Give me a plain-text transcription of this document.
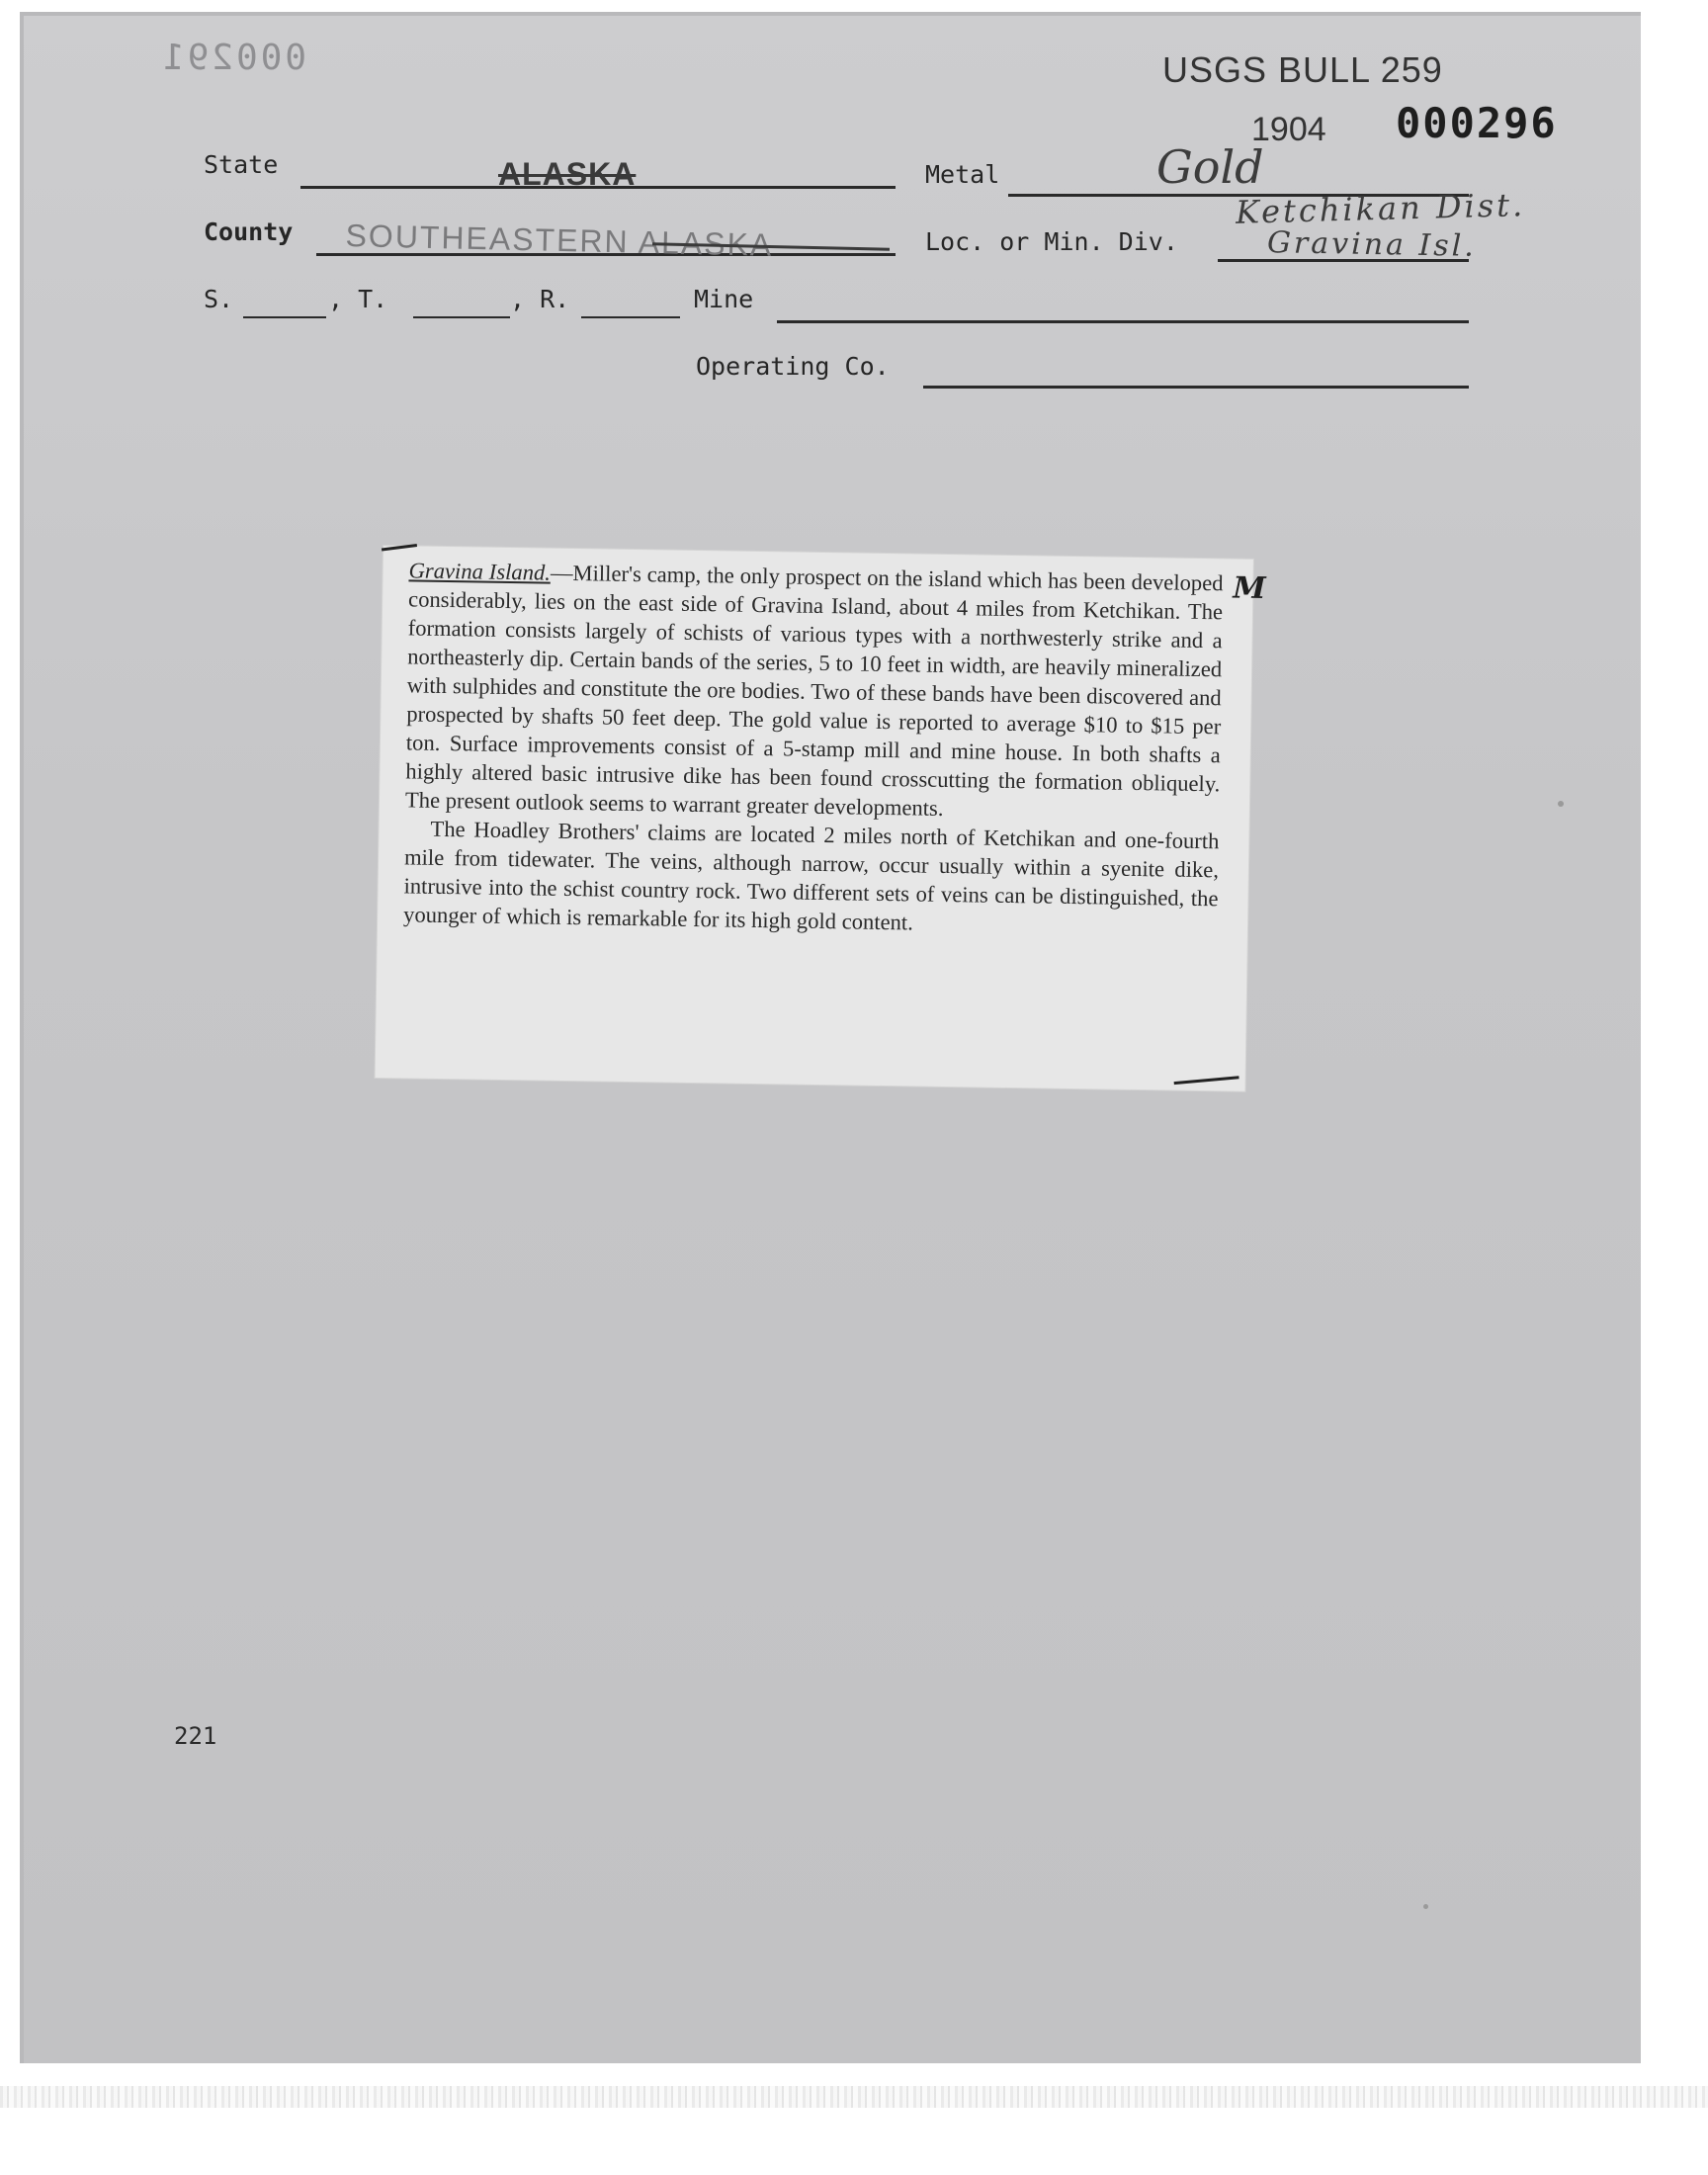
000291	USGS BULL 259
1904 000296
State	ALASKA	Metal	Gold
County SOUTHEASTERN ALASKA	Loc. or Min. Div.
Ketchikan Dist.
Gravina Isl.
S.	, T.	, R.	Mine
Operating Co.
221

Gravina Island.—Miller's camp, the only prospect on the island which has been developed considerably, lies on the east side of Gravina Island, about 4 miles from Ketchikan. The formation consists largely of schists of various types with a northwesterly strike and a northeasterly dip. Certain bands of the series, 5 to 10 feet in width, are heavily mineralized with sulphides and constitute the ore bodies. Two of these bands have been discovered and prospected by shafts 50 feet deep. The gold value is reported to average $10 to $15 per ton. Surface improvements consist of a 5-stamp mill and mine house. In both shafts a highly altered basic intrusive dike has been found crosscutting the formation obliquely. The present outlook seems to warrant greater developments.

The Hoadley Brothers' claims are located 2 miles north of Ketchikan and one-fourth mile from tidewater. The veins, although narrow, occur usually within a syenite dike, intrusive into the schist country rock. Two different sets of veins can be distinguished, the younger of which is remarkable for its high gold content.

M
